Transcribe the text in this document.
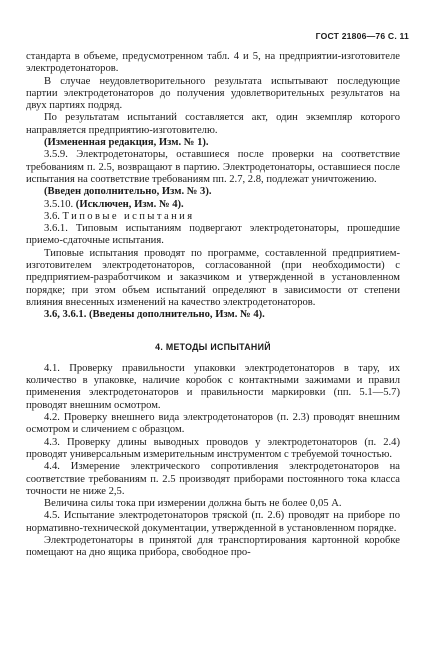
ГОСТ 21806—76 С. 11

стандарта в объеме, предусмотренном табл. 4 и 5, на предприятии-изготовителе электродетонаторов.

В случае неудовлетворительного результата испытывают последующие партии электродетонаторов до получения удовлетворительных результатов на двух партиях подряд.

По результатам испытаний составляется акт, один экземпляр которого направляется предприятию-изготовителю.

(Измененная редакция, Изм. № 1).

3.5.9. Электродетонаторы, оставшиеся после проверки на соответствие требованиям п. 2.5, возвращают в партию. Электродетонаторы, оставшиеся после испытания на соответствие требованиям пп. 2.7, 2.8, подлежат уничтожению.

(Введен дополнительно, Изм. № 3).

3.5.10. (Исключен, Изм. № 4).

3.6. Типовые испытания

3.6.1. Типовым испытаниям подвергают электродетонаторы, прошедшие приемо-сдаточные испытания.

Типовые испытания проводят по программе, составленной предприятием-изготовителем электродетонаторов, согласованной (при необходимости) с предприятием-разработчиком и заказчиком и утвержденной в установленном порядке; при этом объем испытаний определяют в зависимости от степени влияния внесенных изменений на качество электродетонаторов.

3.6, 3.6.1. (Введены дополнительно, Изм. № 4).

4. МЕТОДЫ ИСПЫТАНИЙ

4.1. Проверку правильности упаковки электродетонаторов в тару, их количество в упаковке, наличие коробок с контактными зажимами и правил применения электродетонаторов и правильности маркировки (пп. 5.1—5.7) проводят внешним осмотром.

4.2. Проверку внешнего вида электродетонаторов (п. 2.3) проводят внешним осмотром и сличением с образцом.

4.3. Проверку длины выводных проводов у электродетонаторов (п. 2.4) проводят универсальным измерительным инструментом с требуемой точностью.

4.4. Измерение электрического сопротивления электродетонаторов на соответствие требованиям п. 2.5 производят приборами постоянного тока класса точности не ниже 2,5.

Величина силы тока при измерении должна быть не более 0,05 А.

4.5. Испытание электродетонаторов тряской (п. 2.6) проводят на приборе по нормативно-технической документации, утвержденной в установленном порядке.

Электродетонаторы в принятой для транспортирования картонной коробке помещают на дно ящика прибора, свободное про-
